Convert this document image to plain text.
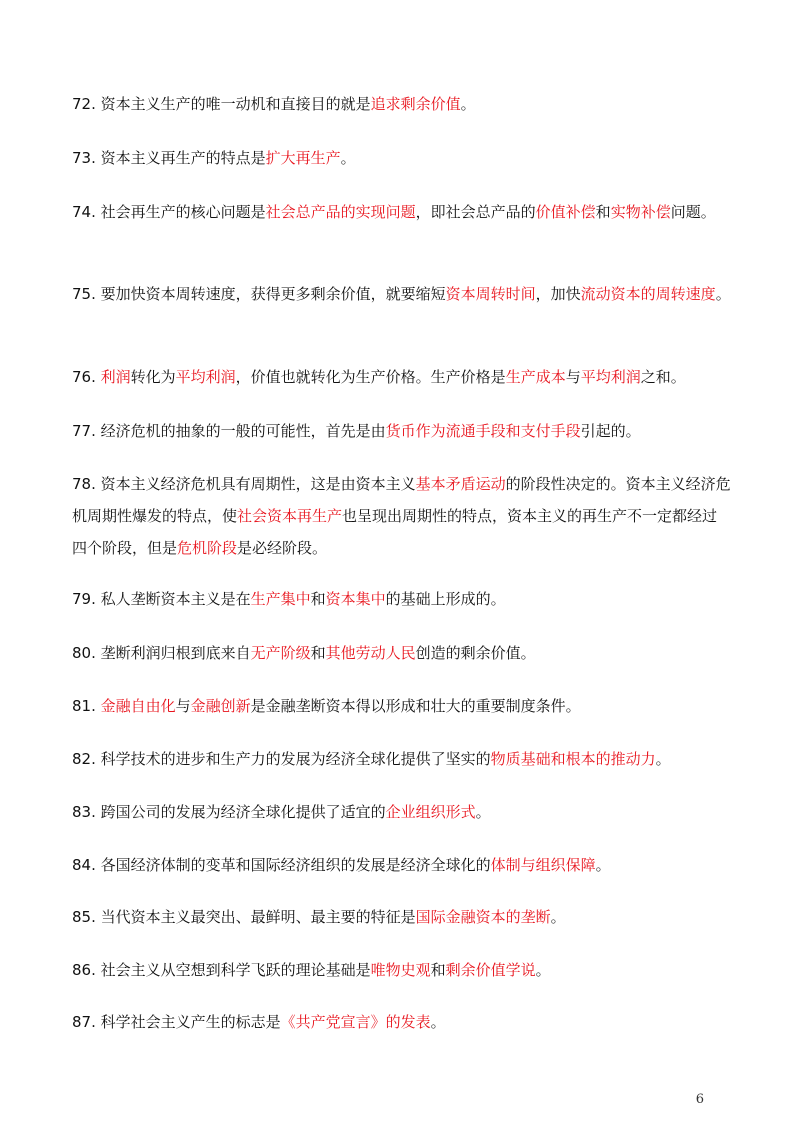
72. 资本主义生产的唯一动机和直接目的就是追求剩余价值。

73. 资本主义再生产的特点是扩大再生产。

74. 社会再生产的核心问题是社会总产品的实现问题，即社会总产品的价值补偿和实物补偿问题。

75. 要加快资本周转速度，获得更多剩余价值，就要缩短资本周转时间，加快流动资本的周转速度。

76. 利润转化为平均利润，价值也就转化为生产价格。生产价格是生产成本与平均利润之和。

77. 经济危机的抽象的一般的可能性，首先是由货币作为流通手段和支付手段引起的。

78. 资本主义经济危机具有周期性，这是由资本主义基本矛盾运动的阶段性决定的。资本主义经济危机周期性爆发的特点，使社会资本再生产也呈现出周期性的特点，资本主义的再生产不一定都经过四个阶段，但是危机阶段是必经阶段。

79. 私人垄断资本主义是在生产集中和资本集中的基础上形成的。

80. 垄断利润归根到底来自无产阶级和其他劳动人民创造的剩余价值。

81. 金融自由化与金融创新是金融垄断资本得以形成和壮大的重要制度条件。

82. 科学技术的进步和生产力的发展为经济全球化提供了坚实的物质基础和根本的推动力。

83. 跨国公司的发展为经济全球化提供了适宜的企业组织形式。

84. 各国经济体制的变革和国际经济组织的发展是经济全球化的体制与组织保障。

85. 当代资本主义最突出、最鲜明、最主要的特征是国际金融资本的垄断。

86. 社会主义从空想到科学飞跃的理论基础是唯物史观和剩余价值学说。

87. 科学社会主义产生的标志是《共产党宣言》的发表。

6
